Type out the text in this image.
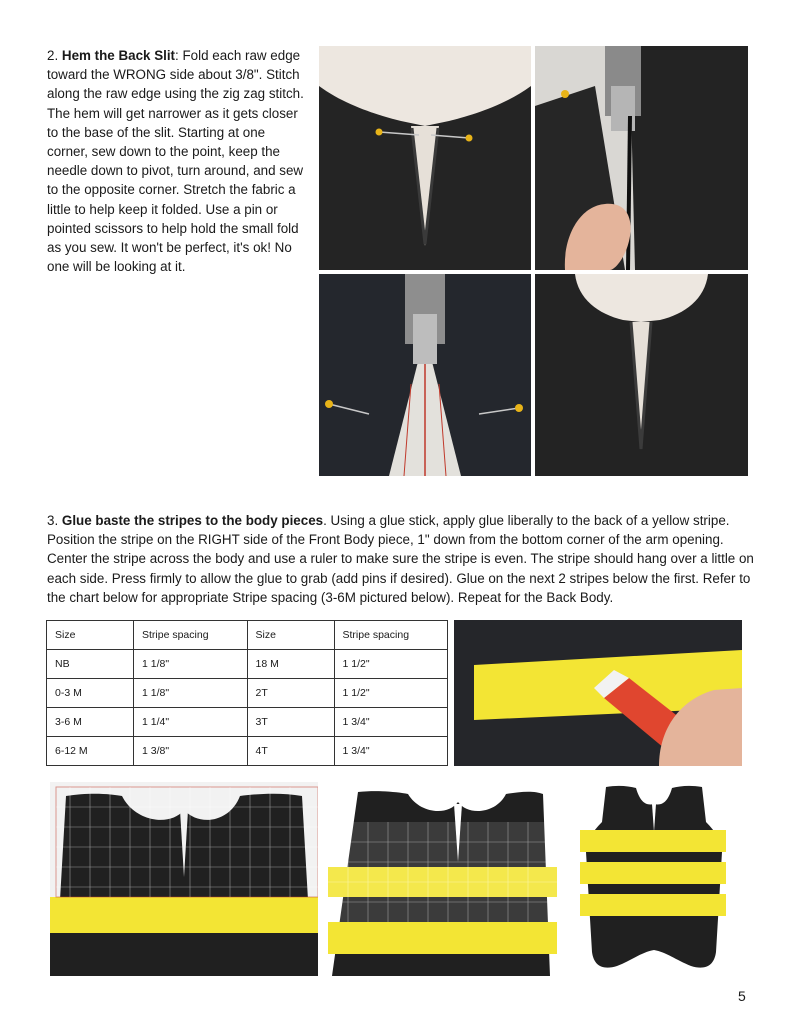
2. Hem the Back Slit: Fold each raw edge toward the WRONG side about 3/8". Stitch along the raw edge using the zig zag stitch. The hem will get narrower as it gets closer to the base of the slit. Starting at one corner, sew down to the point, keep the needle down to pivot, turn around, and sew to the opposite corner. Stretch the fabric a little to help keep it folded. Use a pin or pointed scissors to help hold the small fold as you sew. It won't be perfect, it's ok! No one will be looking at it.
3. Glue baste the stripes to the body pieces. Using a glue stick, apply glue liberally to the back of a yellow stripe. Position the stripe on the RIGHT side of the Front Body piece, 1" down from the bottom corner of the arm opening. Center the stripe across the body and use a ruler to make sure the stripe is even. The stripe should hang over a little on each side. Press firmly to allow the glue to grab (add pins if desired). Glue on the next 2 stripes below the first. Refer to the chart below for appropriate Stripe spacing (3-6M pictured below). Repeat for the Back Body.
Size	Stripe spacing	Size	Stripe spacing
NB	1 1/8"	18 M	1 1/2"
0-3 M	1 1/8"	2T	1 1/2"
3-6 M	1 1/4"	3T	1 3/4"
6-12 M	1 3/8"	4T	1 3/4"
5
